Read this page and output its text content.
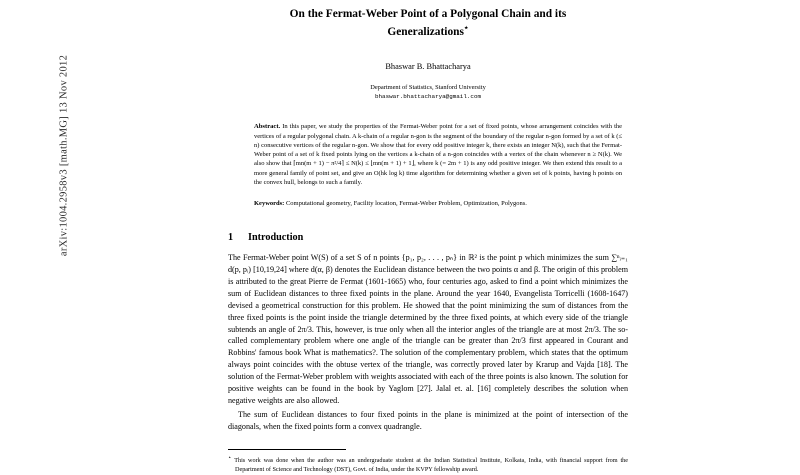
arXiv:1004.2958v3 [math.MG] 13 Nov 2012
On the Fermat-Weber Point of a Polygonal Chain and its
Generalizations⋆
Bhaswar B. Bhattacharya
Department of Statistics, Stanford University
bhaswar.bhattacharya@gmail.com
Abstract. In this paper, we study the properties of the Fermat-Weber point for a set of fixed points, whose arrangement coincides with the vertices of a regular polygonal chain. A k-chain of a regular n-gon is the segment of the boundary of the regular n-gon formed by a set of k (≤ n) consecutive vertices of the regular n-gon. We show that for every odd positive integer k, there exists an integer N(k), such that the Fermat-Weber point of a set of k fixed points lying on the vertices a k-chain of a n-gon coincides with a vertex of the chain whenever n ≥ N(k). We also show that ⌈mn(m + 1) − π²/4⌉ ≤ N(k) ≤ ⌊mn(m + 1) + 1⌋, where k (= 2m + 1) is any odd positive integer. We then extend this result to a more general family of point set, and give an O(hk log k) time algorithm for determining whether a given set of k points, having h points on the convex hull, belongs to such a family.
Keywords: Computational geometry, Facility location, Fermat-Weber Problem, Optimization, Polygons.
1 Introduction

The Fermat-Weber point W(S) of a set S of n points {p₁, p₂, . . . , pₙ} in ℝ² is the point p which minimizes the sum ∑ⁿᵢ₌₁ d(p, pᵢ) [10,19,24] where d(α, β) denotes the Euclidean distance between the two points α and β. The origin of this problem is attributed to the great Pierre de Fermat (1601-1665) who, four centuries ago, asked to find a point which minimizes the sum of Euclidean distances to three fixed points in the plane. Around the year 1640, Evangelista Torricelli (1608-1647) devised a geometrical construction for this problem. He showed that the point minimizing the sum of distances from the three fixed points is the point inside the triangle determined by the three fixed points, at which every side of the triangle subtends an angle of 2π/3. This, however, is true only when all the interior angles of the triangle are at most 2π/3. The so-called complementary problem where one angle of the triangle can be greater than 2π/3 first appeared in Courant and Robbins' famous book What is mathematics?. The solution of the complementary problem, which states that the optimum always point coincides with the obtuse vertex of the triangle, was correctly proved later by Krarup and Vajda [18]. The solution of the Fermat-Weber problem with weights associated with each of the three points is also known. The solution for positive weights can be found in the book by Yaglom [27]. Jalal et. al. [16] completely describes the solution when negative weights are also allowed.

The sum of Euclidean distances to four fixed points in the plane is minimized at the point of intersection of the diagonals, when the fixed points form a convex quadrangle.

⋆ This work was done when the author was an undergraduate student at the Indian Statistical Institute, Kolkata, India, with financial support from the Department of Science and Technology (DST), Govt. of India, under the KVPY fellowship award.
